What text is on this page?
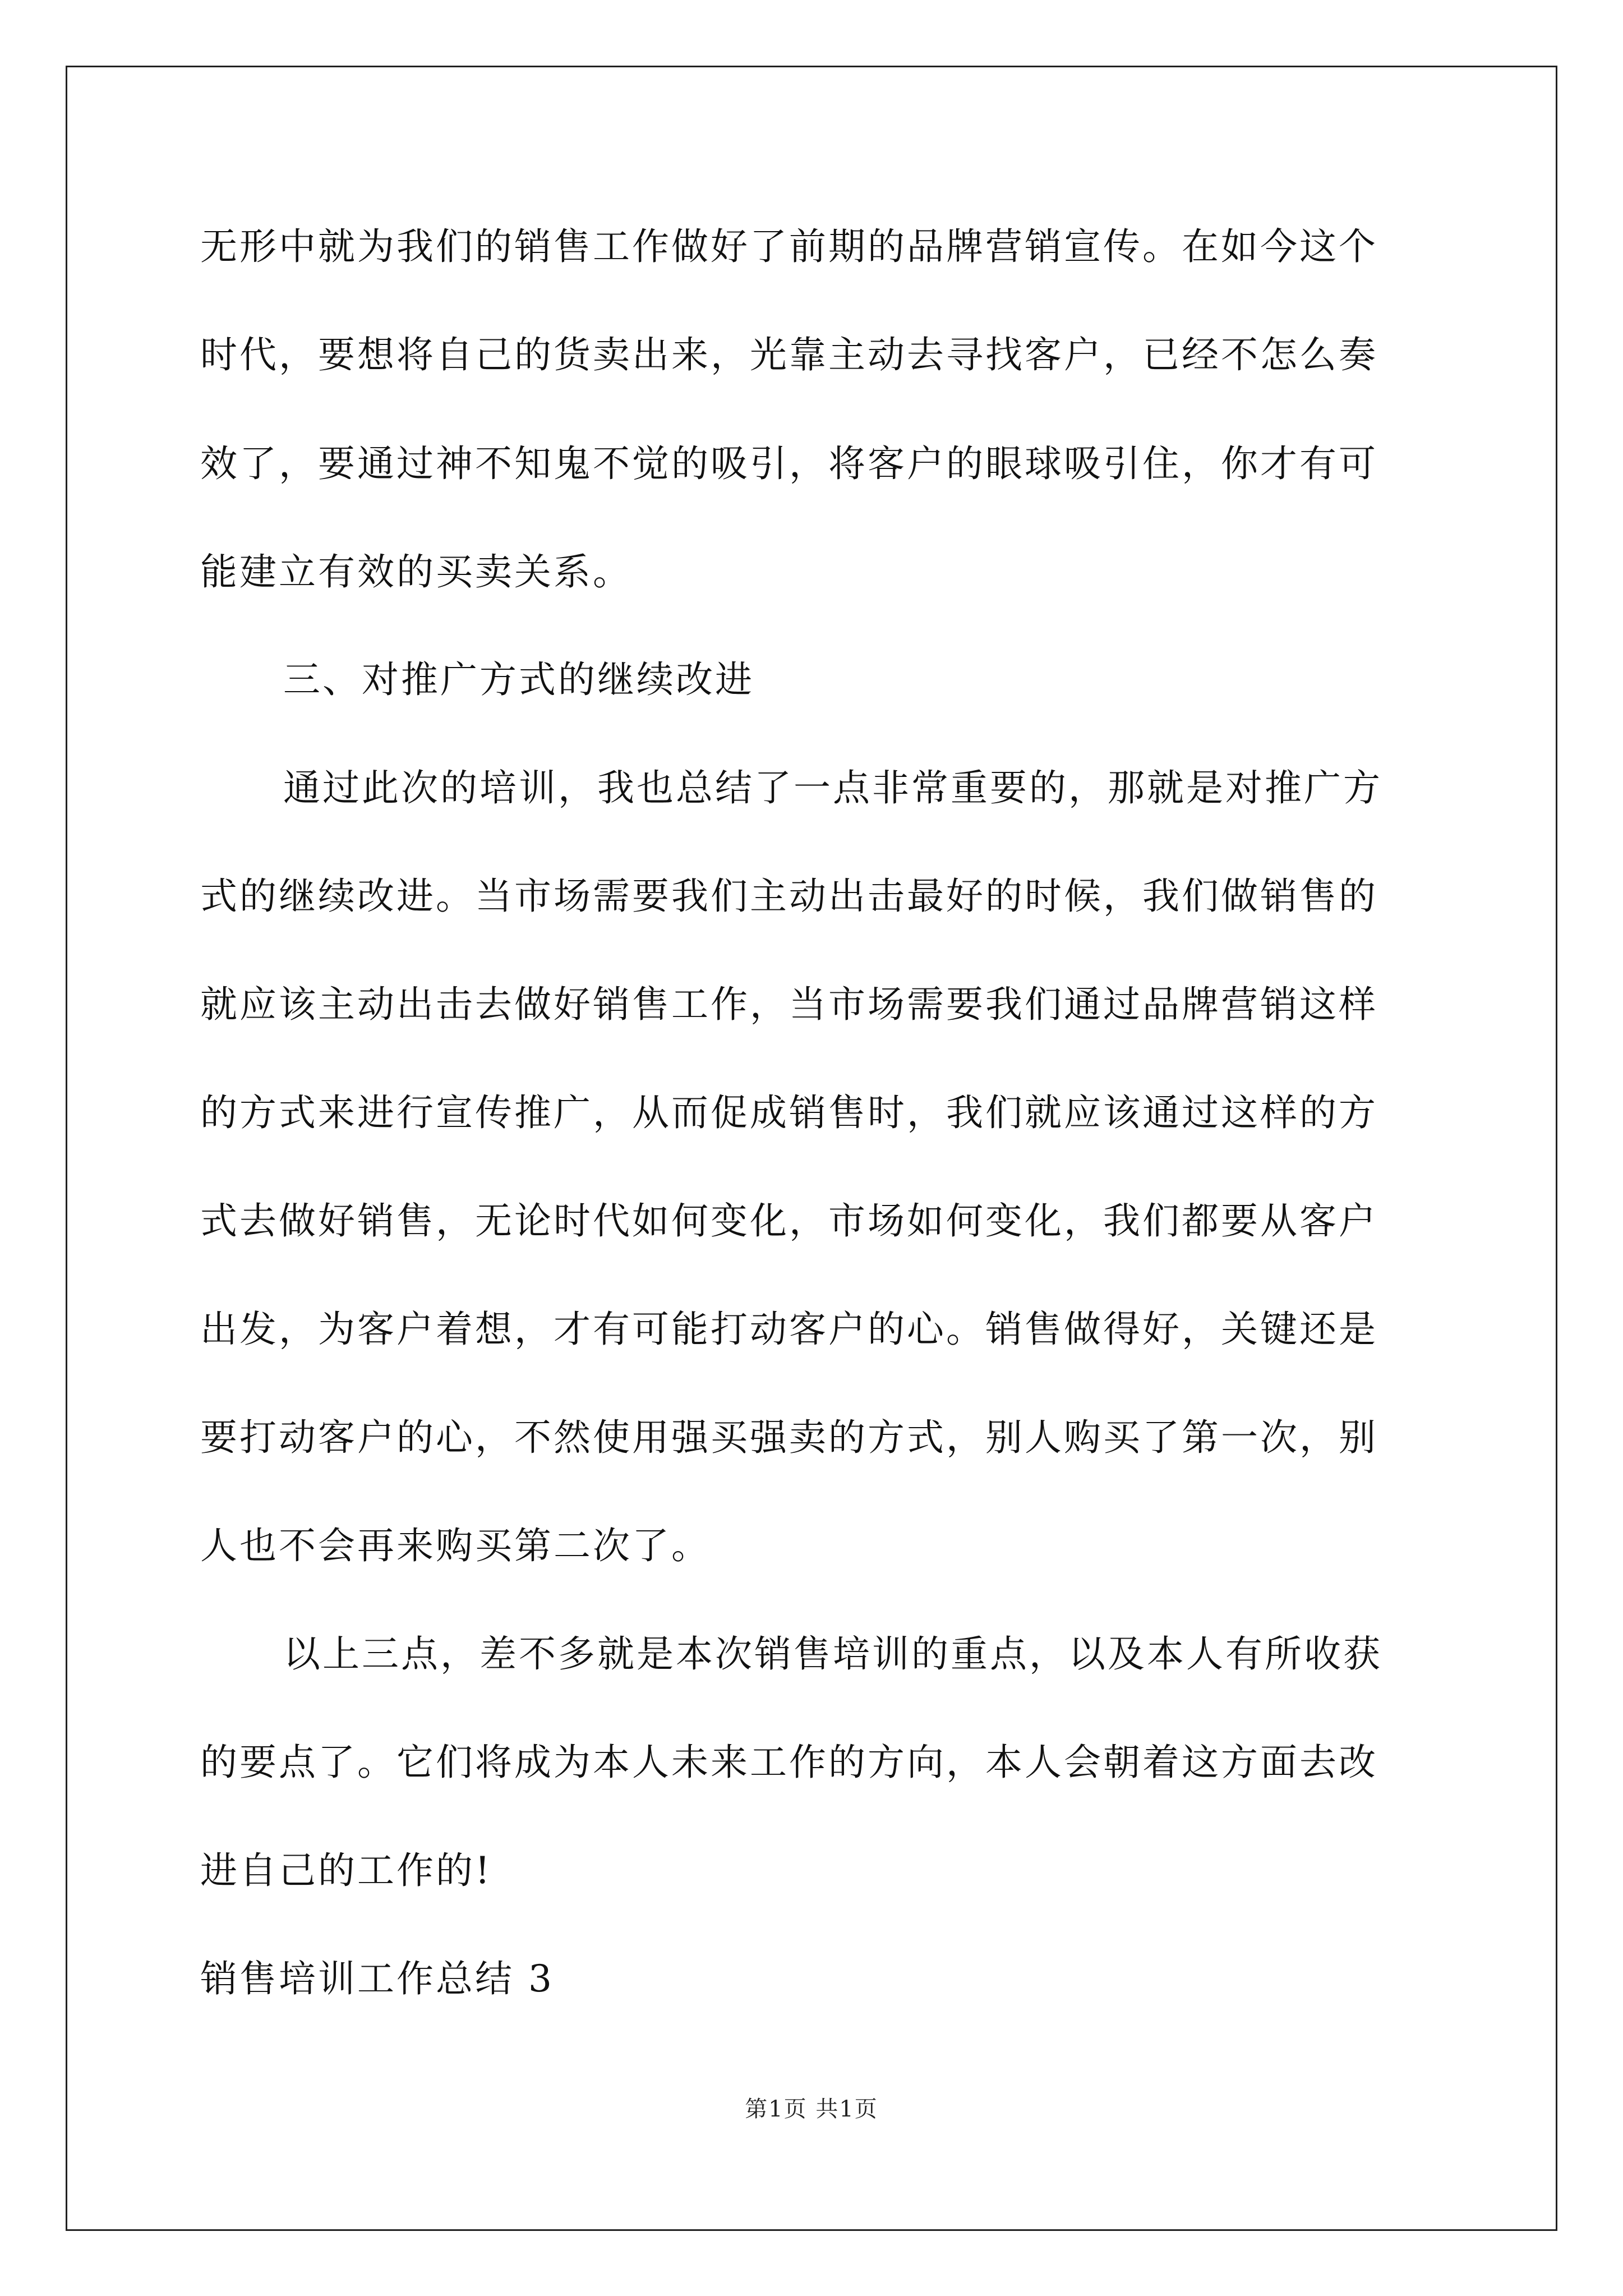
无形中就为我们的销售工作做好了前期的品牌营销宣传。在如今这个
时代，要想将自己的货卖出来，光靠主动去寻找客户，已经不怎么奏
效了，要通过神不知鬼不觉的吸引，将客户的眼球吸引住，你才有可
能建立有效的买卖关系。
三、对推广方式的继续改进
通过此次的培训，我也总结了一点非常重要的，那就是对推广方
式的继续改进。当市场需要我们主动出击最好的时候，我们做销售的
就应该主动出击去做好销售工作，当市场需要我们通过品牌营销这样
的方式来进行宣传推广，从而促成销售时，我们就应该通过这样的方
式去做好销售，无论时代如何变化，市场如何变化，我们都要从客户
出发，为客户着想，才有可能打动客户的心。销售做得好，关键还是
要打动客户的心，不然使用强买强卖的方式，别人购买了第一次，别
人也不会再来购买第二次了。
以上三点，差不多就是本次销售培训的重点，以及本人有所收获
的要点了。它们将成为本人未来工作的方向，本人会朝着这方面去改
进自己的工作的!
销售培训工作总结 3
第1页 共1页
